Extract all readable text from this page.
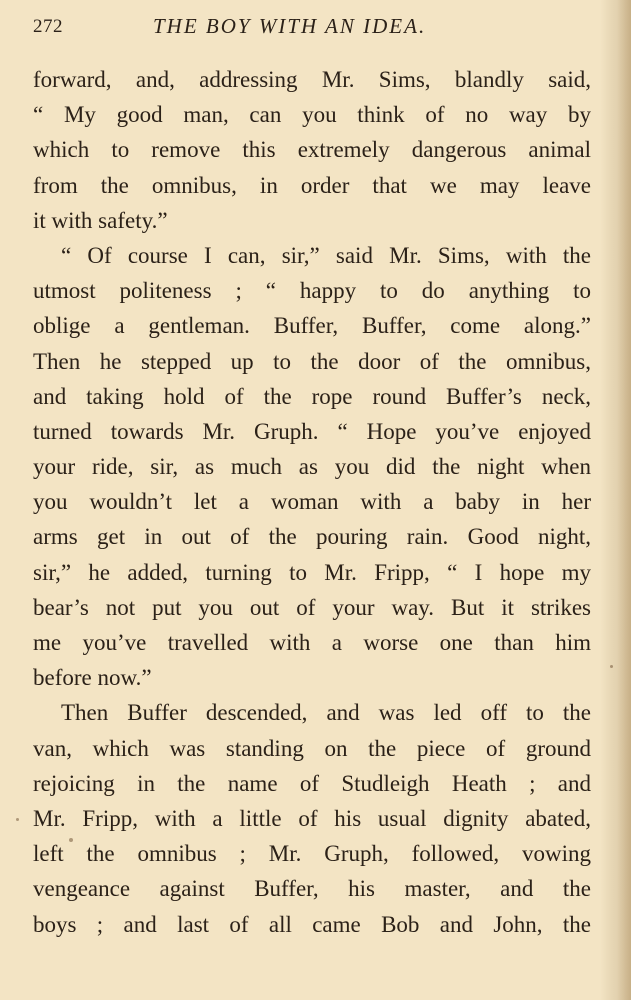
272	THE BOY WITH AN IDEA.
forward, and, addressing Mr. Sims, blandly said,
“ My good man, can you think of no way by
which to remove this extremely dangerous animal
from the omnibus, in order that we may leave
it with safety.”
“ Of course I can, sir,” said Mr. Sims, with the
utmost politeness ; “ happy to do anything to
oblige a gentleman. Buffer, Buffer, come along.”
Then he stepped up to the door of the omnibus,
and taking hold of the rope round Buffer’s neck,
turned towards Mr. Gruph. “ Hope you’ve enjoyed
your ride, sir, as much as you did the night when
you wouldn’t let a woman with a baby in her
arms get in out of the pouring rain. Good night,
sir,” he added, turning to Mr. Fripp, “ I hope my
bear’s not put you out of your way. But it strikes
me you’ve travelled with a worse one than him
before now.”
Then Buffer descended, and was led off to the
van, which was standing on the piece of ground
rejoicing in the name of Studleigh Heath ; and
Mr. Fripp, with a little of his usual dignity abated,
left the omnibus ; Mr. Gruph, followed, vowing
vengeance against Buffer, his master, and the
boys ; and last of all came Bob and John, the
